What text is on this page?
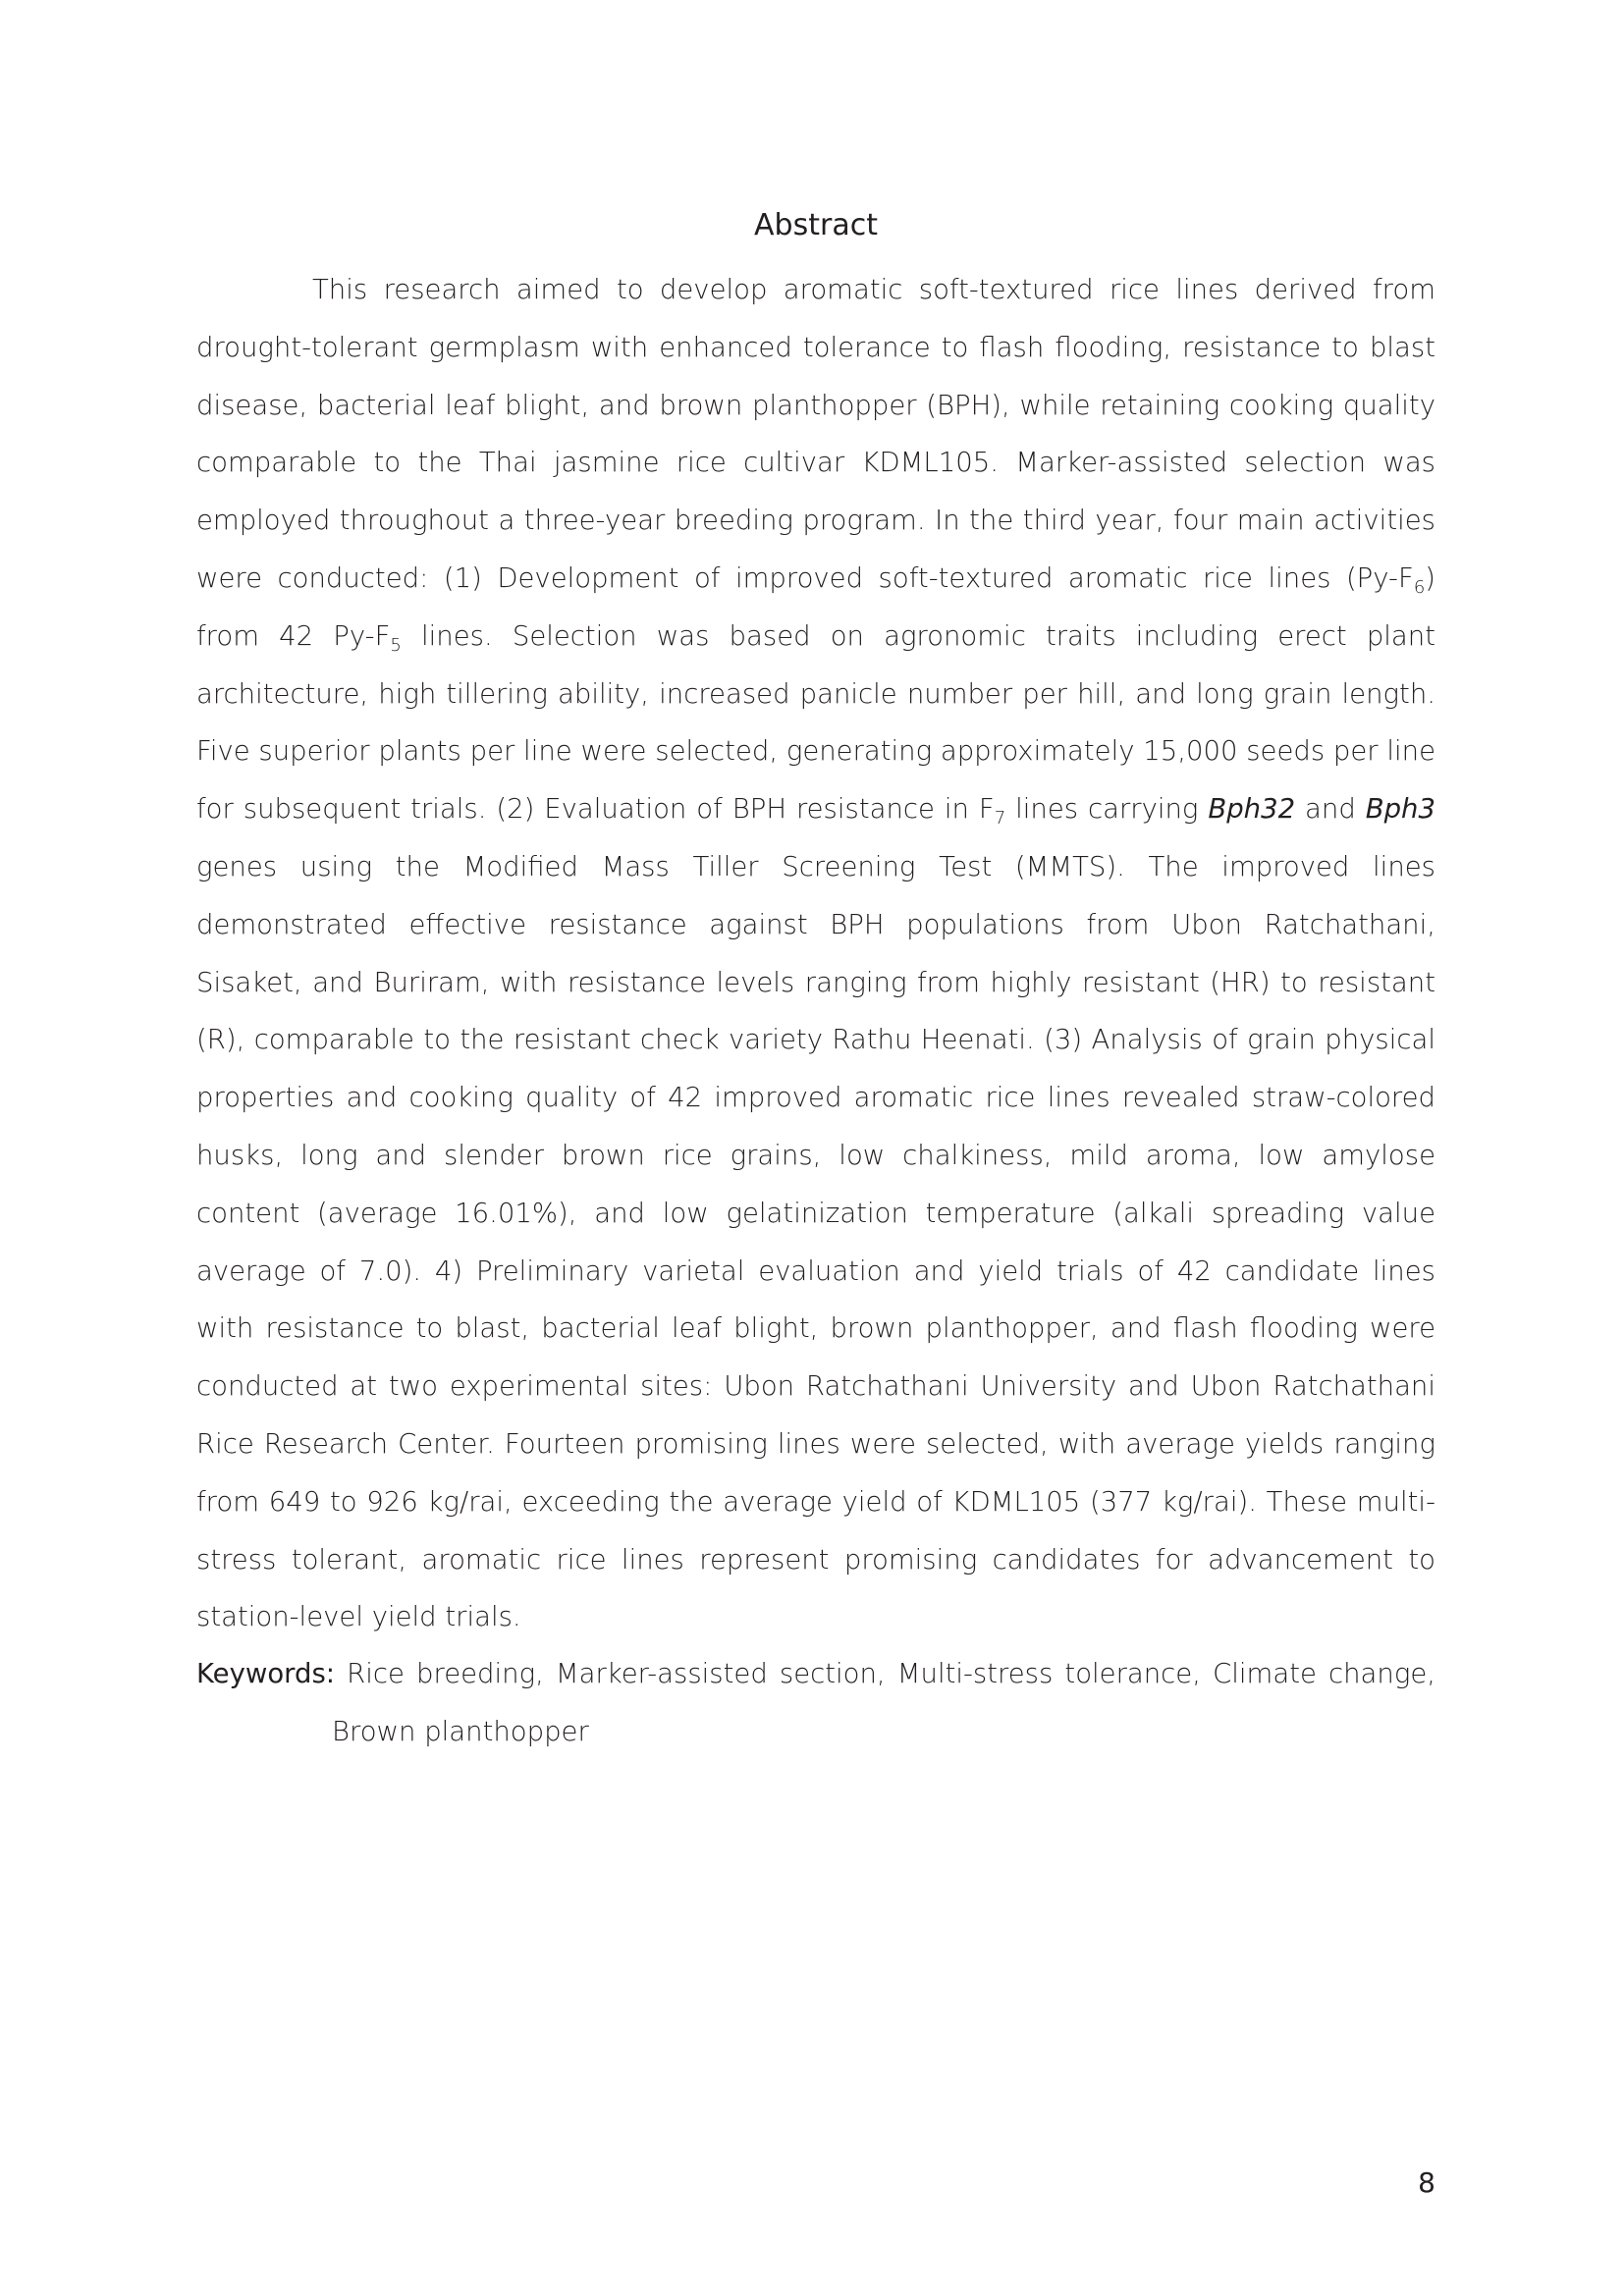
Abstract

This research aimed to develop aromatic soft-textured rice lines derived from drought-tolerant germplasm with enhanced tolerance to flash flooding, resistance to blast disease, bacterial leaf blight, and brown planthopper (BPH), while retaining cooking quality comparable to the Thai jasmine rice cultivar KDML105. Marker-assisted selection was employed throughout a three-year breeding program. In the third year, four main activities were conducted: (1) Development of improved soft-textured aromatic rice lines $(Py-F_6)$ from 42 $Py-F_5$ lines. Selection was based on agronomic traits including erect plant architecture, high tillering ability, increased panicle number per hill, and long grain length. Five superior plants per line were selected, generating approximately 15,000 seeds per line for subsequent trials. (2) Evaluation of BPH resistance in $F_7$ lines carrying Bph32 and Bph3 genes using the Modified Mass Tiller Screening Test (MMTS). The improved lines demonstrated effective resistance against BPH populations from Ubon Ratchathani, Sisaket, and Buriram, with resistance levels ranging from highly resistant (HR) to resistant (R), comparable to the resistant check variety Rathu Heenati. (3) Analysis of grain physical properties and cooking quality of 42 improved aromatic rice lines revealed straw-colored husks, long and slender brown rice grains, low chalkiness, mild aroma, low amylose content (average 16.01%), and low gelatinization temperature (alkali spreading value average of 7.0). 4) Preliminary varietal evaluation and yield trials of 42 candidate lines with resistance to blast, bacterial leaf blight, brown planthopper, and flash flooding were conducted at two experimental sites: Ubon Ratchathani University and Ubon Ratchathani Rice Research Center. Fourteen promising lines were selected, with average yields ranging from 649 to 926 kg/rai, exceeding the average yield of KDML105 (377 kg/rai). These multi-stress tolerant, aromatic rice lines represent promising candidates for advancement to station-level yield trials.

Keywords: Rice breeding, Marker-assisted section, Multi-stress tolerance, Climate change, Brown planthopper

8
